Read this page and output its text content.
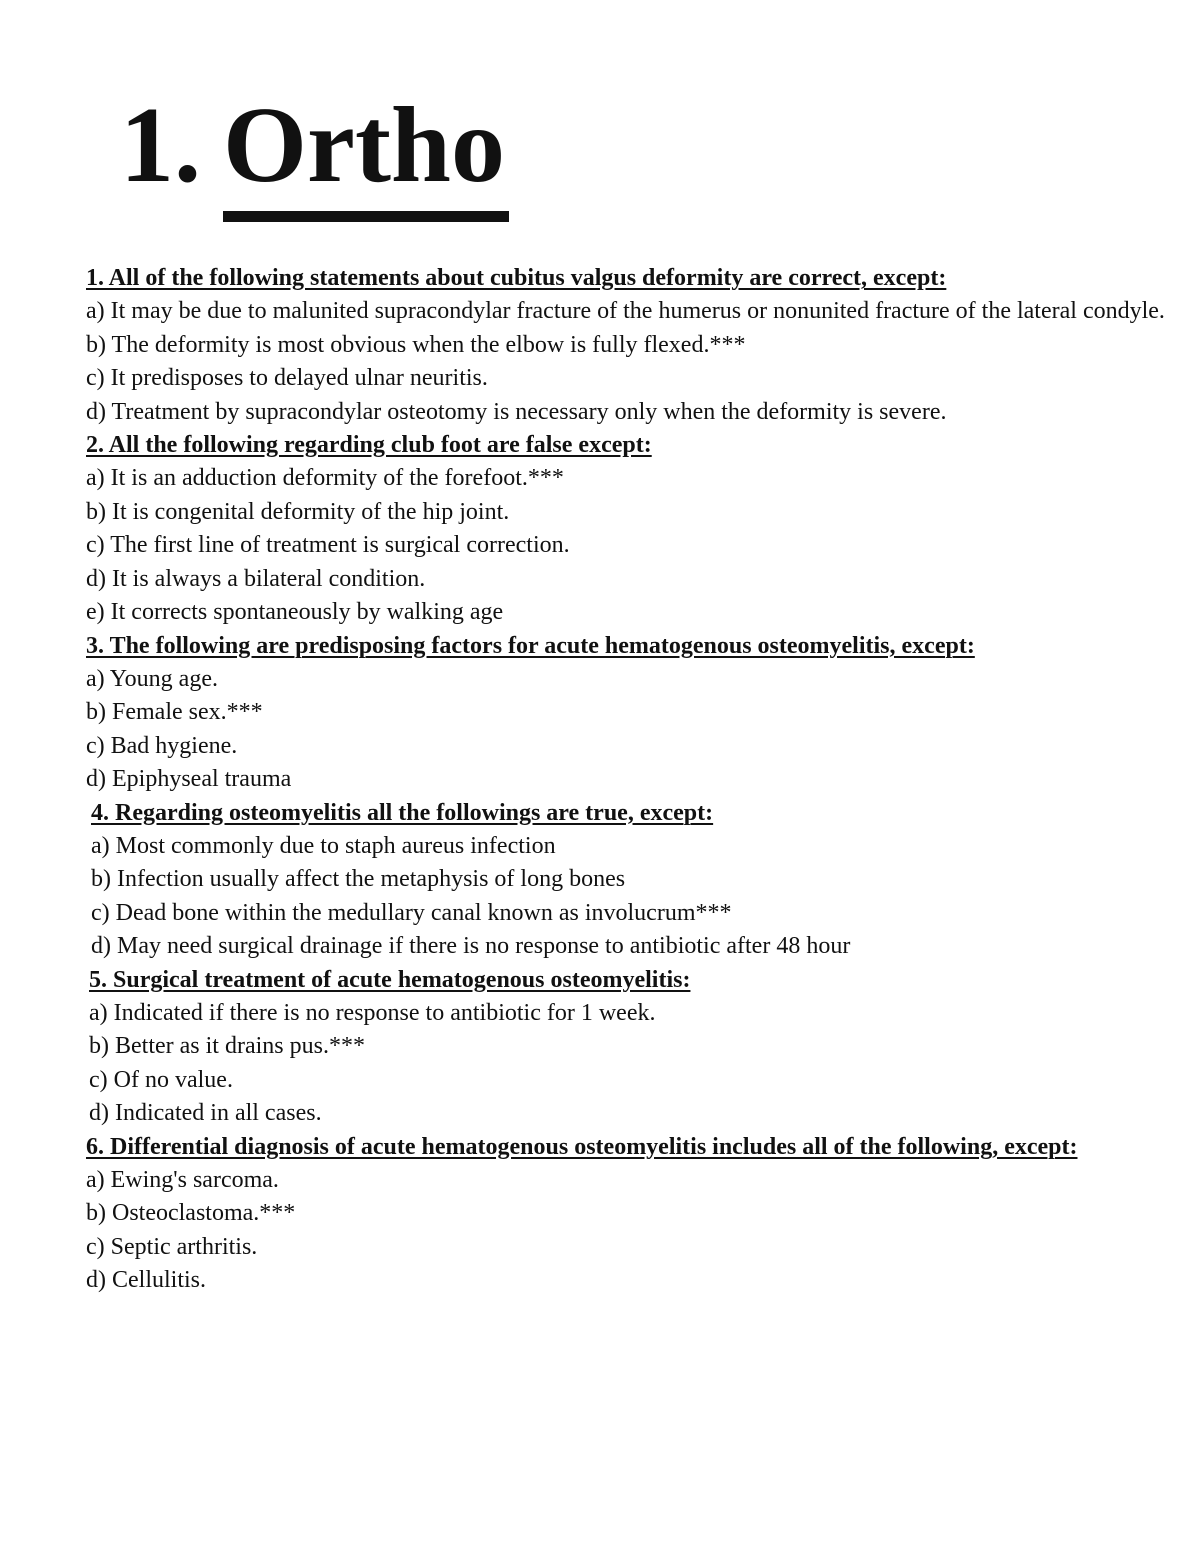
1. Ortho

1. All of the following statements about cubitus valgus deformity are correct, except:

a) It may be due to malunited supracondylar fracture of the humerus or nonunited fracture of the lateral condyle.
b) The deformity is most obvious when the elbow is fully flexed.***
c) It predisposes to delayed ulnar neuritis.
d) Treatment by supracondylar osteotomy is necessary only when the deformity is severe.

2. All the following regarding club foot are false except:

a) It is an adduction deformity of the forefoot.***
b) It is congenital deformity of the hip joint.
c) The first line of treatment is surgical correction.
d) It is always a bilateral condition.
e) It corrects spontaneously by walking age

3. The following are predisposing factors for acute hematogenous osteomyelitis, except:

a) Young age.
b) Female sex.***
c) Bad hygiene.
d) Epiphyseal trauma

4. Regarding osteomyelitis all the followings are true, except:

a) Most commonly due to staph aureus infection
b) Infection usually affect the metaphysis of long bones
c) Dead bone within the medullary canal known as involucrum***
d) May need surgical drainage if there is no response to antibiotic after 48 hour

5. Surgical treatment of acute hematogenous osteomyelitis:

a) Indicated if there is no response to antibiotic for 1 week.
b) Better as it drains pus.***
c) Of no value.
d) Indicated in all cases.

6. Differential diagnosis of acute hematogenous osteomyelitis includes all of the following, except:

a) Ewing's sarcoma.
b) Osteoclastoma.***
c) Septic arthritis.
d) Cellulitis.
